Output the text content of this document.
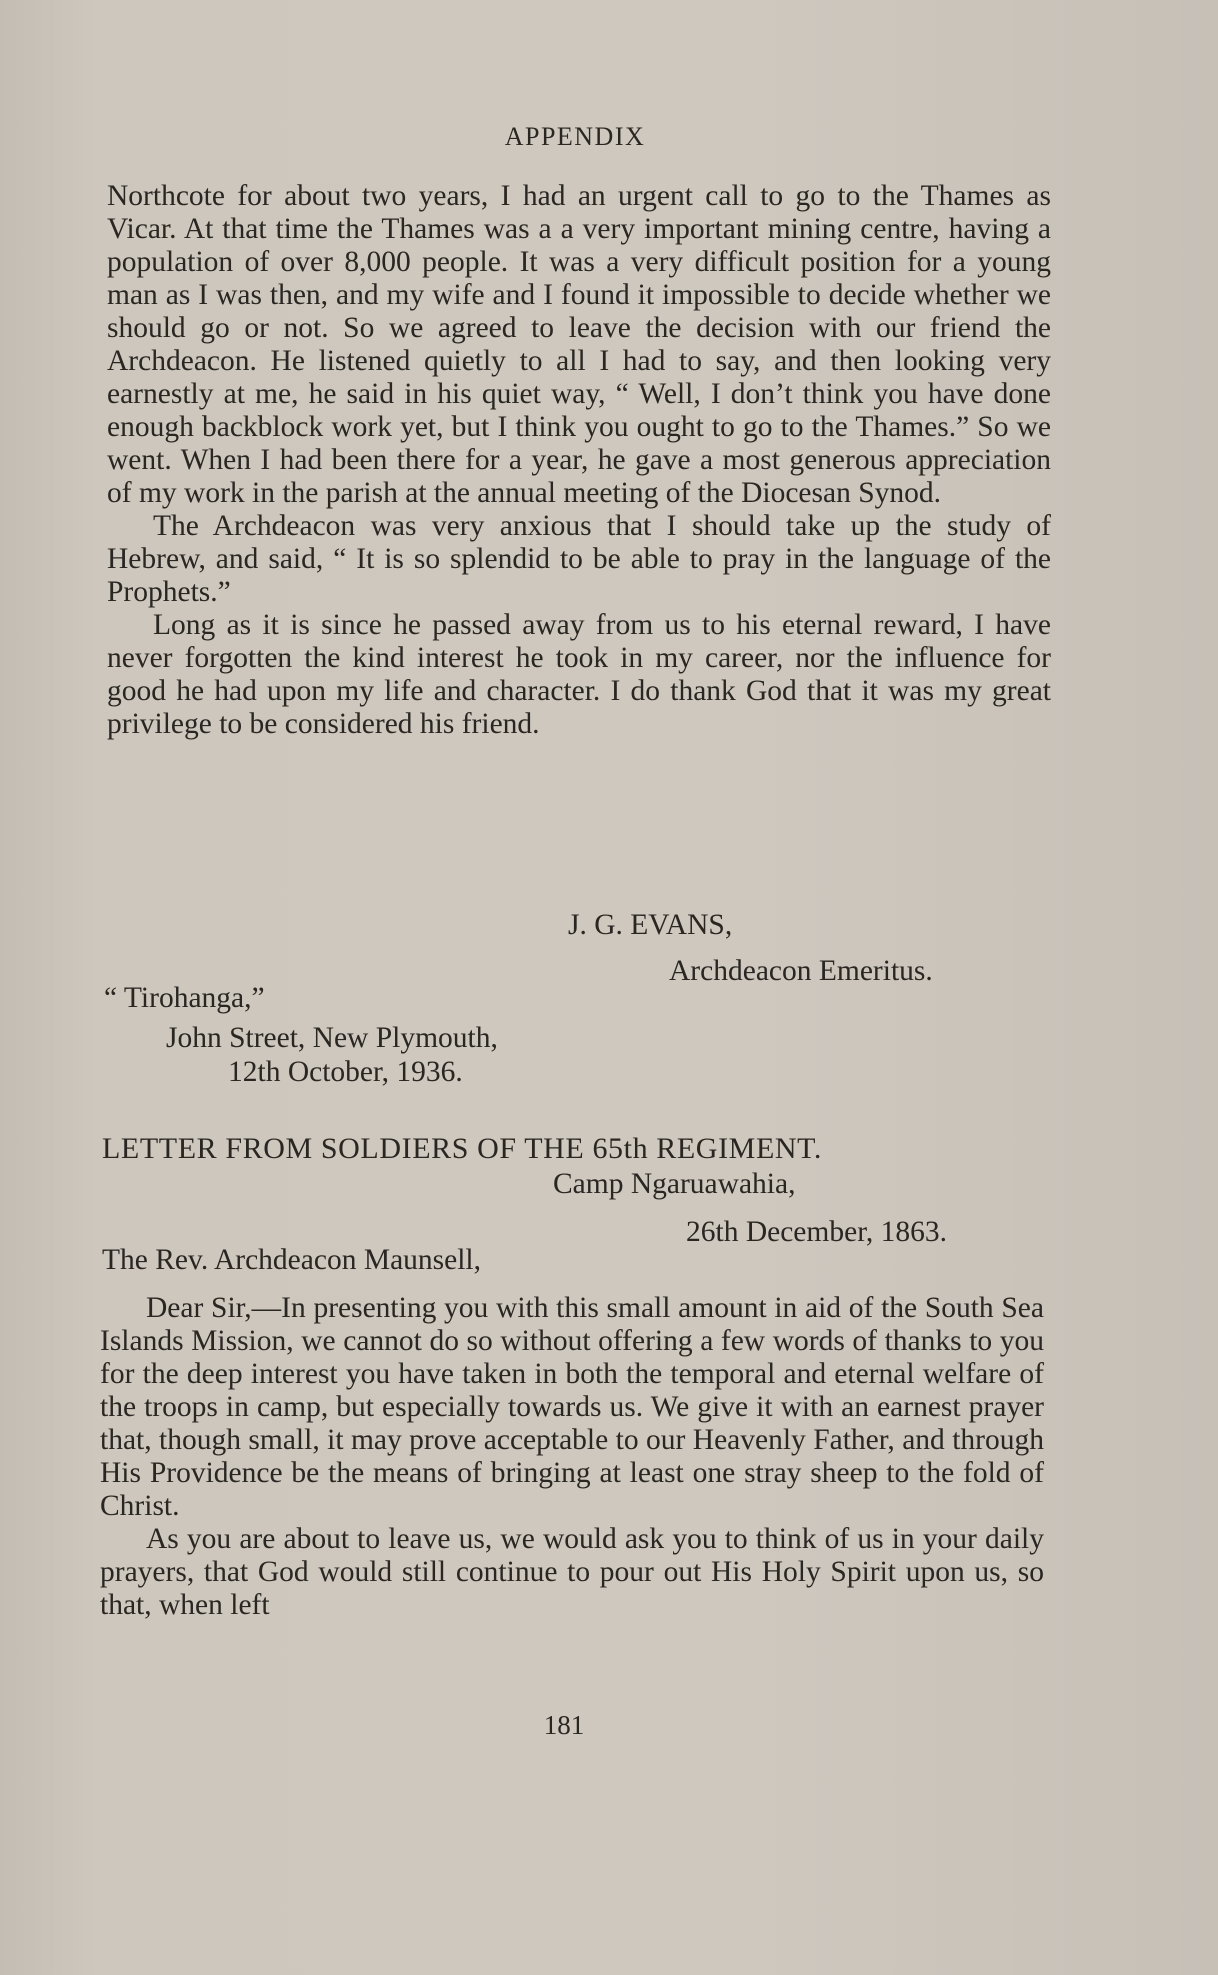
APPENDIX

Northcote for about two years, I had an urgent call to go to the Thames as Vicar. At that time the Thames was a a very important mining centre, having a population of over 8,000 people. It was a very difficult position for a young man as I was then, and my wife and I found it impossible to decide whether we should go or not. So we agreed to leave the decision with our friend the Archdeacon. He listened quietly to all I had to say, and then looking very earnestly at me, he said in his quiet way, “ Well, I don’t think you have done enough backblock work yet, but I think you ought to go to the Thames.” So we went. When I had been there for a year, he gave a most generous appreciation of my work in the parish at the annual meeting of the Diocesan Synod.

The Archdeacon was very anxious that I should take up the study of Hebrew, and said, “ It is so splendid to be able to pray in the language of the Prophets.”

Long as it is since he passed away from us to his eternal reward, I have never forgotten the kind interest he took in my career, nor the influence for good he had upon my life and character. I do thank God that it was my great privilege to be considered his friend.

J. G. EVANS,
Archdeacon Emeritus.
“ Tirohanga,”
John Street, New Plymouth,
12th October, 1936.
LETTER FROM SOLDIERS OF THE 65th REGIMENT.
Camp Ngaruawahia,
26th December, 1863.
The Rev. Archdeacon Maunsell,

Dear Sir,—In presenting you with this small amount in aid of the South Sea Islands Mission, we cannot do so without offering a few words of thanks to you for the deep interest you have taken in both the temporal and eternal welfare of the troops in camp, but especially towards us. We give it with an earnest prayer that, though small, it may prove acceptable to our Heavenly Father, and through His Providence be the means of bringing at least one stray sheep to the fold of Christ.

As you are about to leave us, we would ask you to think of us in your daily prayers, that God would still continue to pour out His Holy Spirit upon us, so that, when left

181
